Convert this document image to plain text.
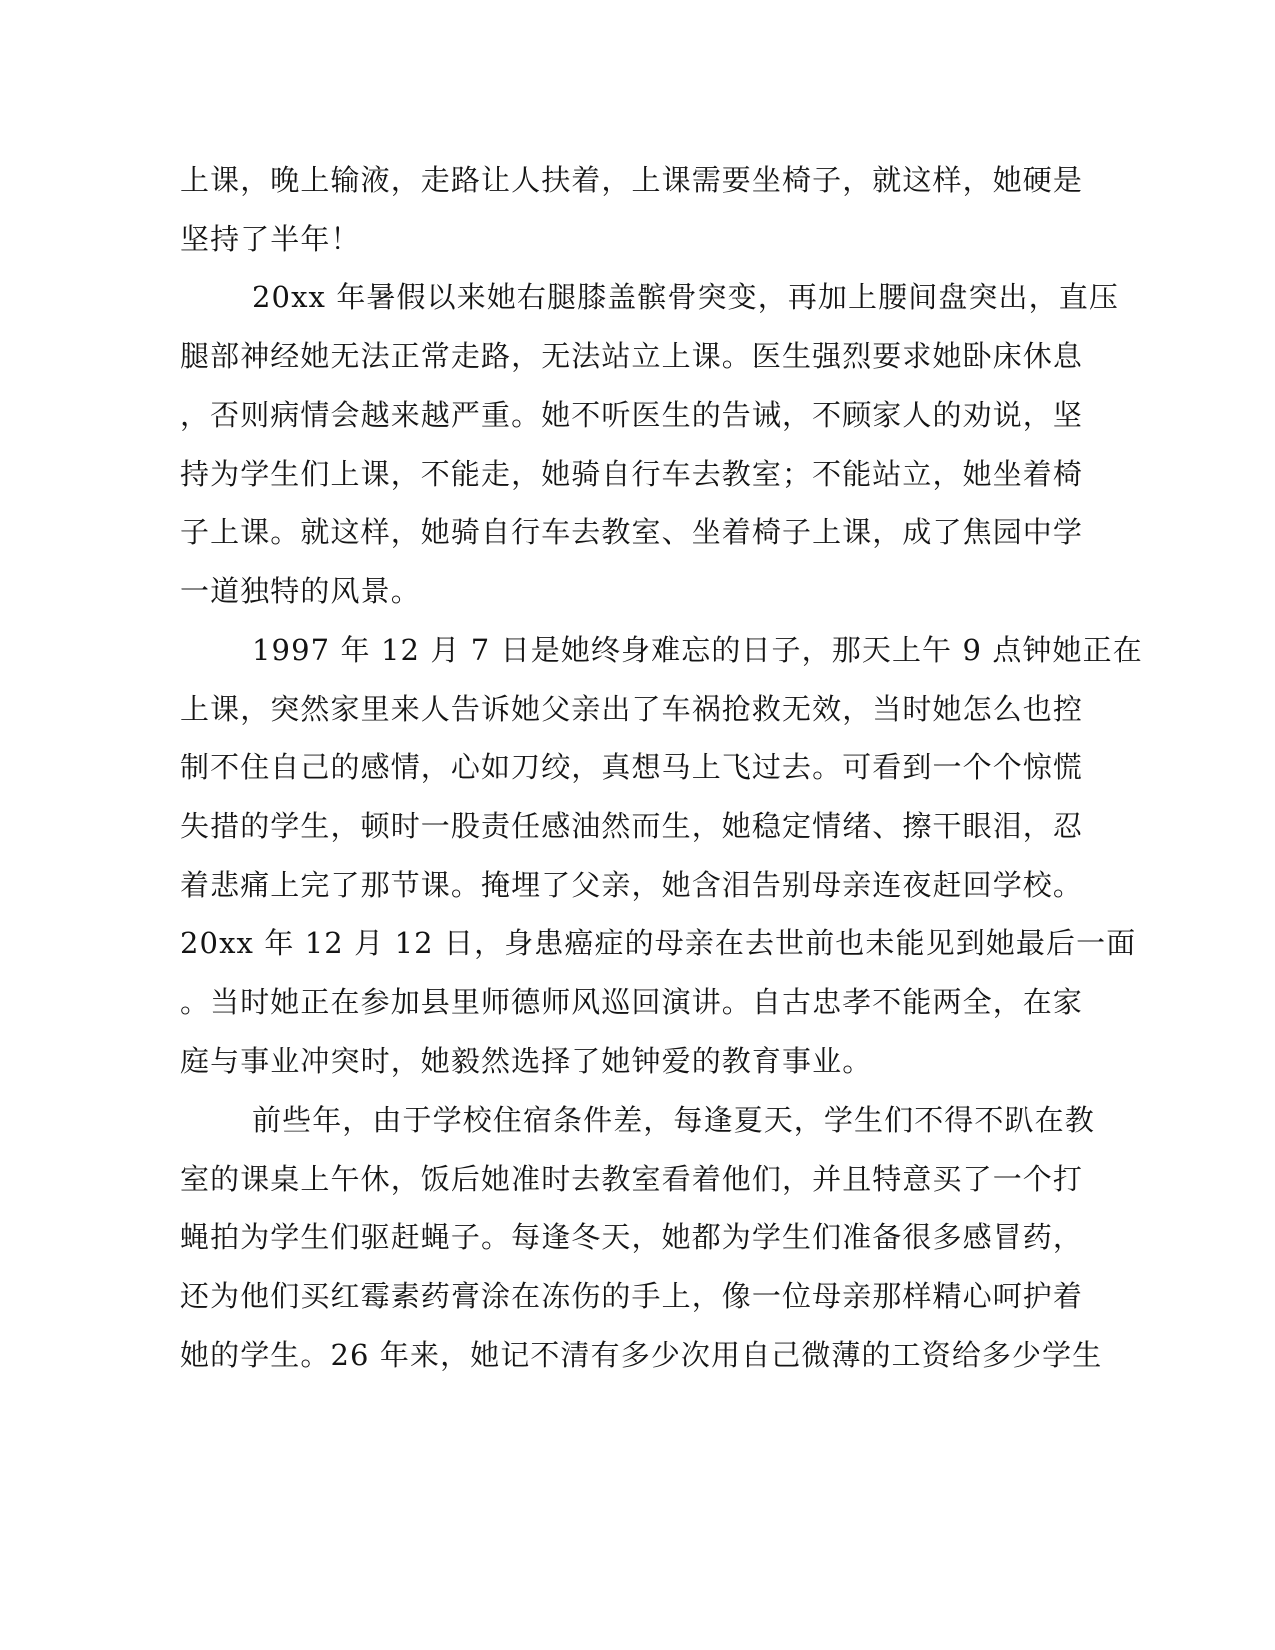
上课，晚上输液，走路让人扶着，上课需要坐椅子，就这样，她硬是
坚持了半年！
20xx 年暑假以来她右腿膝盖髌骨突变，再加上腰间盘突出，直压
腿部神经她无法正常走路，无法站立上课。医生强烈要求她卧床休息
，否则病情会越来越严重。她不听医生的告诫，不顾家人的劝说，坚
持为学生们上课，不能走，她骑自行车去教室；不能站立，她坐着椅
子上课。就这样，她骑自行车去教室、坐着椅子上课，成了焦园中学
一道独特的风景。
1997 年 12 月 7 日是她终身难忘的日子，那天上午 9 点钟她正在
上课，突然家里来人告诉她父亲出了车祸抢救无效，当时她怎么也控
制不住自己的感情，心如刀绞，真想马上飞过去。可看到一个个惊慌
失措的学生，顿时一股责任感油然而生，她稳定情绪、擦干眼泪，忍
着悲痛上完了那节课。掩埋了父亲，她含泪告别母亲连夜赶回学校。
20xx 年 12 月 12 日，身患癌症的母亲在去世前也未能见到她最后一面
。当时她正在参加县里师德师风巡回演讲。自古忠孝不能两全，在家
庭与事业冲突时，她毅然选择了她钟爱的教育事业。
前些年，由于学校住宿条件差，每逢夏天，学生们不得不趴在教
室的课桌上午休，饭后她准时去教室看着他们，并且特意买了一个打
蝇拍为学生们驱赶蝇子。每逢冬天，她都为学生们准备很多感冒药，
还为他们买红霉素药膏涂在冻伤的手上，像一位母亲那样精心呵护着
她的学生。26 年来，她记不清有多少次用自己微薄的工资给多少学生
